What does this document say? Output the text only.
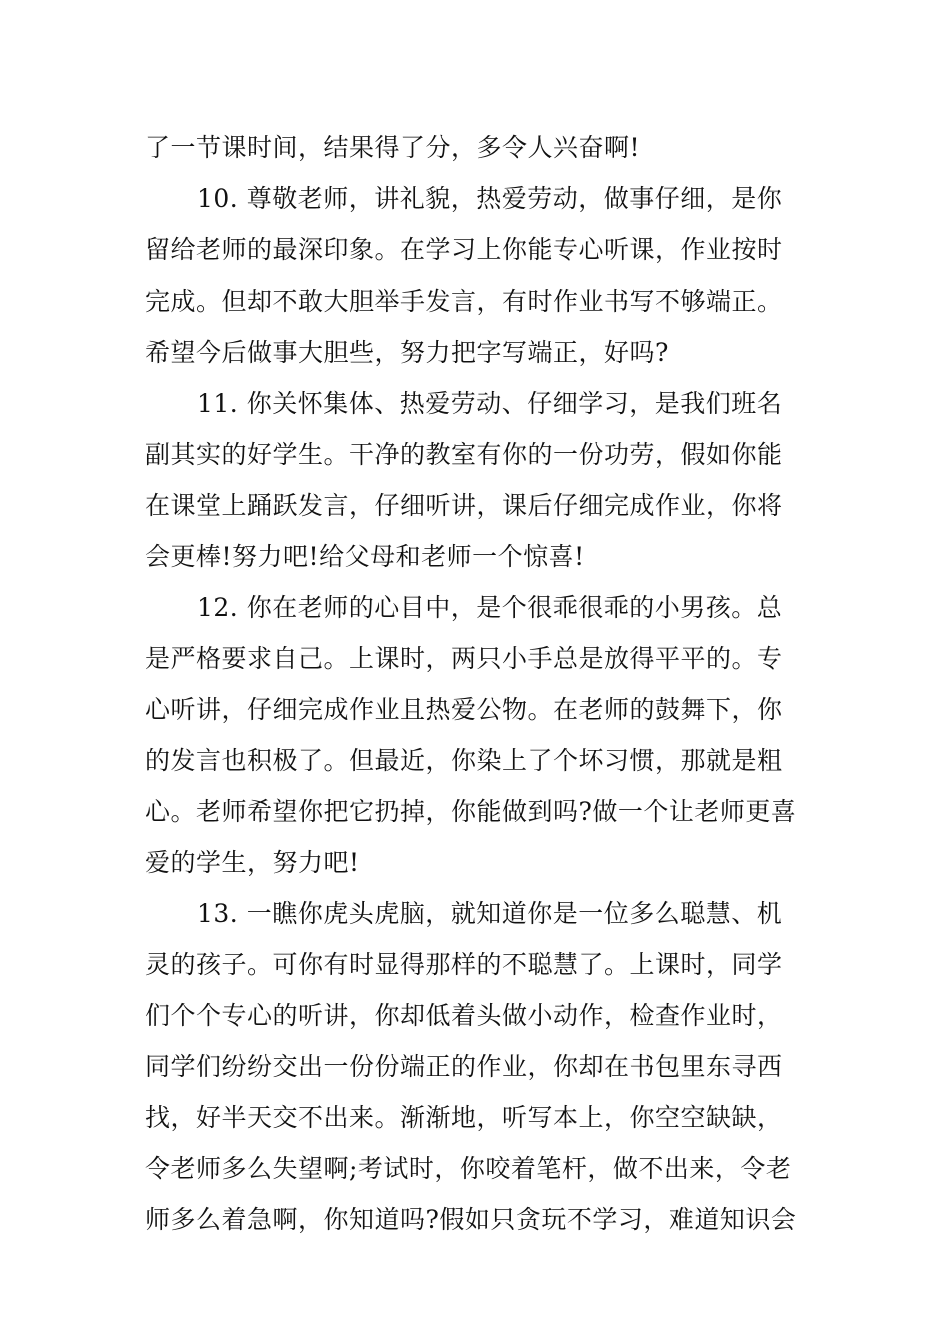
了一节课时间，结果得了分，多令人兴奋啊!
10. 尊敬老师，讲礼貌，热爱劳动，做事仔细，是你
留给老师的最深印象。在学习上你能专心听课，作业按时
完成。但却不敢大胆举手发言，有时作业书写不够端正。
希望今后做事大胆些，努力把字写端正，好吗?
11. 你关怀集体、热爱劳动、仔细学习，是我们班名
副其实的好学生。干净的教室有你的一份功劳，假如你能
在课堂上踊跃发言，仔细听讲，课后仔细完成作业，你将
会更棒!努力吧!给父母和老师一个惊喜!
12. 你在老师的心目中，是个很乖很乖的小男孩。总
是严格要求自己。上课时，两只小手总是放得平平的。专
心听讲，仔细完成作业且热爱公物。在老师的鼓舞下，你
的发言也积极了。但最近，你染上了个坏习惯，那就是粗
心。老师希望你把它扔掉，你能做到吗?做一个让老师更喜
爱的学生，努力吧!
13. 一瞧你虎头虎脑，就知道你是一位多么聪慧、机
灵的孩子。可你有时显得那样的不聪慧了。上课时，同学
们个个专心的听讲，你却低着头做小动作，检查作业时，
同学们纷纷交出一份份端正的作业，你却在书包里东寻西
找，好半天交不出来。渐渐地，听写本上，你空空缺缺，
令老师多么失望啊;考试时，你咬着笔杆，做不出来，令老
师多么着急啊，你知道吗?假如只贪玩不学习，难道知识会
